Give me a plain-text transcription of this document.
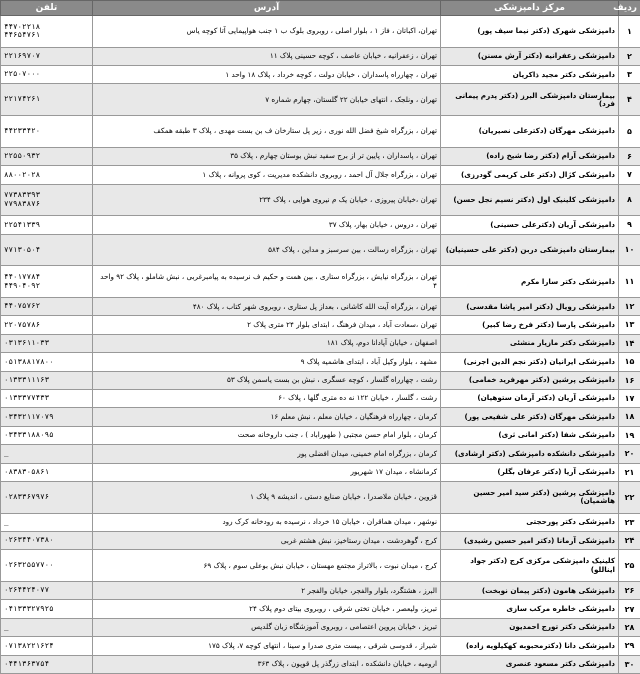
ردیف	مرکز دامپزشکی	آدرس	تلفن
۱	دامپزشکی شهرک (دکتر نیما سیف پور)	تهران، اکباتان ، فاز ۱ ، بلوار اصلی ، روبروی بلوک ب ۱ جنب هواپیمایی آتا کوچه یاس	۴۴۷۰۲۲۱۸
۴۴۶۵۴۷۶۱
۲	دامپزشکی زعفرانیه (دکتر آرش مسنن)	تهران ، زعفرانیه ، خیابان عاصف ، کوچه حسینی پلاک ۱۱	۲۲۱۶۹۷۰۷
۳	دامپزشکی دکتر مجید ذاکریان	تهران ، چهارراه پاسداران ، خیابان دولت ، کوچه خرداد ، پلاک ۱۸ واحد ۱	۲۲۵۰۷۰۰۰
۴	بیمارستان دامپزشکی البرز (دکتر پدرم پیمانی فرد)	تهران ، ونلجک ، انتهای خیابان ۲۲ گلستان، چهارم شماره ۷	۲۲۱۷۴۲۶۱
۵	دامپزشکی مهرگان (دکترعلی نصیریان)	تهران ، بزرگراه شیخ فضل الله نوری ، زیر پل ستارخان ف بن بست مهدی ، پلاک ۳ طبقه همکف	۴۴۲۳۳۴۲۰
۶	دامپزشکی آرام (دکتر رضا شیخ زاده)	تهران ، پاسداران ، پایین تر از برج سفید نبش بوستان چهارم ، پلاک ۳۵	۲۲۵۵۰۹۳۲
۷	دامپزشکی کژال (دکتر علی کریمی گودرزی)	تهران ، بزرگراه جلال آل احمد ، روبروی دانشکده مدیریت ، کوی پروانه ، پلاک ۱	۸۸۰۰۲۰۲۸
۸	دامپزشکی کلینیک اول (دکتر نسیم نجل حسن)	تهران ،خیابان پیروزی ، خیابان یک م نیروی هوایی ، پلاک ۲۳۴	۷۷۳۸۳۳۹۳
۷۷۹۸۳۸۷۶
۹	دامپزشکی آریان (دکترعلی حسینی)	تهران ، دروس ، خیابان بهار، پلاک ۳۷	۲۲۵۴۱۳۳۹
۱۰	بیمارستان دامپزشکی دربن (دکتر علی حسینیان)	تهران ، بزرگراه رسالت ، بین سرسبز و مداین ، پلاک ۵۸۴	۷۷۱۳۰۵۰۴
۱۱	دامپزشکی دکتر سارا مکرم	تهران ، بزرگراه نیایش ، بزرگراه ستاری ، بین همت و حکیم ف نرسیده به پیامبرغربی ، نبش شاملو ، پلاک ۹۲ واحد ۴	۴۴۰۱۷۷۸۴
۴۴۹۰۴۰۹۲
۱۲	دامپزشکی رویال (دکتر امیر پاشا مقدسی)	تهران ، بزرگراه آیت الله کاشانی ، بعداز پل ستاری ، روبروی شهر کتاب ، پلاک ۴۸۰	۴۴۰۷۵۷۶۲
۱۳	دامپزشکی پارسا (دکتر فرخ رضا کبیر)	تهران ،سعادت آباد ، میدان فرهنگ ، ابتدای بلوار ۲۴ متری پلاک ۲	۲۲۰۷۵۷۸۶
۱۴	دامپزشکی دکتر مازیار منشئی	اصفهان ، خیابان آپادانا دوم، پلاک ۱۸۱	۰۳۱۳۶۱۱۰۳۳
۱۵	دامپزشکی ایرانیان (دکتر نجم الدین اجرنی)	مشهد ، بلوار وکیل آباد ، ابتدای هاشمیه پلاک ۹	۰۵۱۳۸۸۱۷۸۰۰
۱۶	دامپزشکی پرشین (دکتر مهرفرید خمامی)	رشت ، چهارراه گلسار ، کوچه عسگری ، نبش بن بست یاسمن پلاک ۵۳	۰۱۳۳۳۱۱۱۶۳
۱۷	دامپزشکی آریان (دکتر آرمان ستوهیان)	رشت ، گلسار ، خیابان ۱۲۲ نه ده متری گلها ، پلاک ۶۰	۰۱۳۳۳۷۷۴۳۳
۱۸	دامپزشکی مهرگان (دکتر علی شفیعی پور)	کرمان ، چهارراه فرهنگیان ، خیابان معلم ، نبش معلم ۱۶	۰۳۴۳۲۱۱۷۰۷۹
۱۹	دامپزشکی شفا (دکتر امانی ثری)	کرمان ، بلوار امام حسن مجتبی ( طهوراباد ) ، جنب داروخانه صحت	۰۳۴۳۳۱۸۸۰۹۵
۲۰	دامپزشکی دانشکده دامپزشکی (دکتر ارشادی)	کرمان ، بزرگراه امام خمینی، میدان افضلی پور	_
۲۱	دامپزشکی آریا (دکتر عرفان بگلر)	کرمانشاه ، میدان ۱۷ شهریور	۰۸۳۸۳۰۵۸۶۱
۲۲	دامپزشکی پرشین (دکتر سید امیر حسین هاشمیان)	قزوین ، خیابان ملاصدرا ، خیابان صنایع دستی ، اندیشه ۹ پلاک ۱	۰۲۸۳۳۶۷۹۷۶
۲۳	دامپزشکی دکتر پورحجتی	نوشهر ، میدان هماقران ، خیابان ۱۵ خرداد ، نرسیده به رودخانه کرک رود	_
۲۴	دامپزشکی آرمانا (دکتر امیر حسین رشیدی)	کرج ، گوهردشت ، میدان رستاخیز، نبش هشتم غربی	۰۲۶۳۴۴۰۷۳۸۰
۲۵	کلینیک دامپزشکی مرکزی کرج (دکتر جواد ایناللو)	کرج ، میدان نبوت ، بالاتراز مجتمع مهستان ، خیابان نبش بوعلی سوم ، پلاک ۶۹	۰۲۶۳۲۵۵۷۷۰۰
۲۶	دامپزشکی هامون (دکتر پیمان نوبخت)	البرز ، هشتگرد، بلوار والفجر، خیابان والفجر ۲	۰۲۶۴۴۲۴۰۷۷
۲۷	دامپزشکی خاطره مرکب سازی	تبریز، ولیعصر ، خیابان تختی شرقی ، روبروی بیتای دوم پلاک ۲۴	۰۴۱۳۳۳۲۷۹۲۵
۲۸	دامپزشکی دکتر تورج احمدیون	تبریز ، خیابان پروین اعتصامی ، روبروی آموزشگاه زبان گلدیس	_
۲۹	دامپزشکی دانا (دکترمحبوبه کهکیلویه زاده)	شیراز ، قدوسی شرقی ، بیست متری صدرا و سینا ، انتهای کوچه ۷، پلاک ۱۷۵	۰۷۱۳۸۲۲۱۶۲۴
۳۰	دامپزشکی دکتر مسعود عنصری	ارومیه ، خیابان دانشکده ، ابتدای زرگذر پل قوپون ، پلاک ۳۶۳	۰۴۴۱۳۶۳۷۵۴
